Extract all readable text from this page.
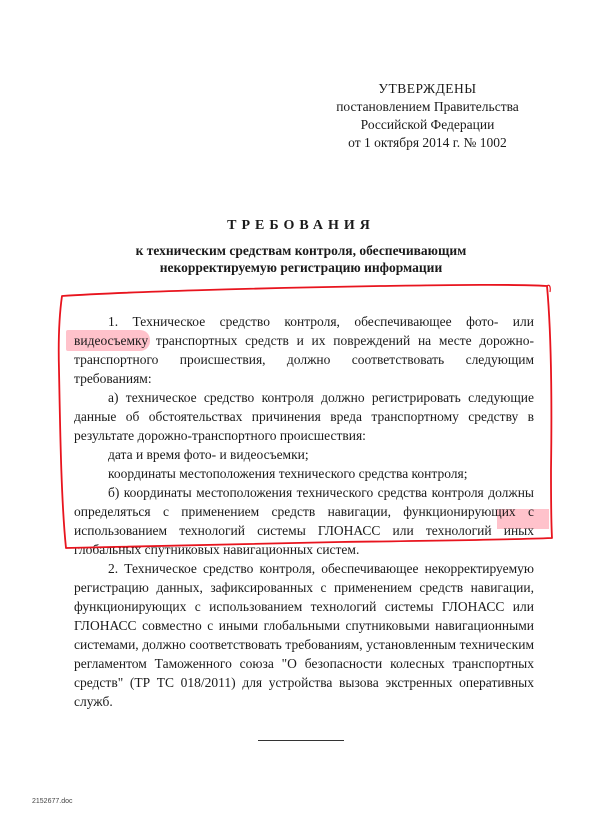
УТВЕРЖДЕНЫ
постановлением Правительства
Российской Федерации
от 1 октября 2014 г. № 1002
ТРЕБОВАНИЯ
к техническим средствам контроля, обеспечивающим
некорректируемую регистрацию информации

1. Техническое средство контроля, обеспечивающее фото- или видеосъемку транспортных средств и их повреждений на месте дорожно-транспортного происшествия, должно соответствовать следующим требованиям:

а) техническое средство контроля должно регистрировать следующие данные об обстоятельствах причинения вреда транспортному средству в результате дорожно-транспортного происшествия:

дата и время фото- и видеосъемки;

координаты местоположения технического средства контроля;

б) координаты местоположения технического средства контроля должны определяться с применением средств навигации, функционирующих с использованием технологий системы ГЛОНАСС или технологий иных глобальных спутниковых навигационных систем.

2. Техническое средство контроля, обеспечивающее некорректируемую регистрацию данных, зафиксированных с применением средств навигации, функционирующих с использованием технологий системы ГЛОНАСС или ГЛОНАСС совместно с иными глобальными спутниковыми навигационными системами, должно соответствовать требованиям, установленным техническим регламентом Таможенного союза "О безопасности колесных транспортных средств" (ТР ТС 018/2011) для устройства вызова экстренных оперативных служб.

2152677.doc
